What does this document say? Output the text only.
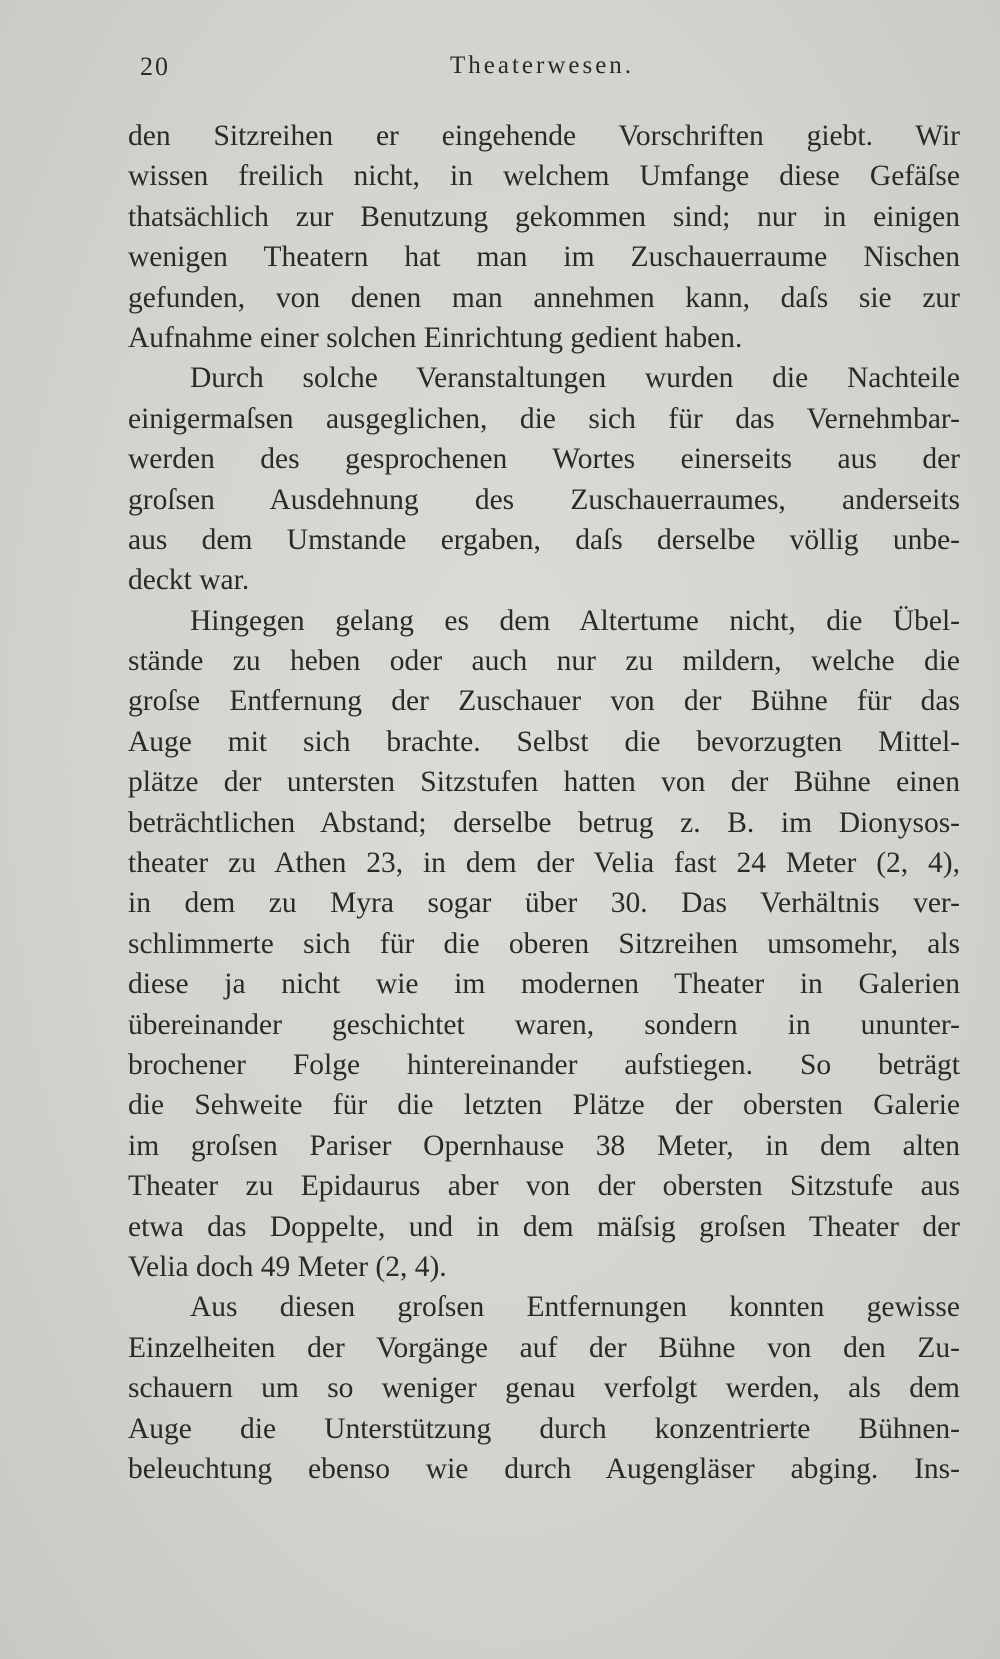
20	Theaterwesen.
den Sitzreihen er eingehende Vorschriften giebt. Wir
wissen freilich nicht, in welchem Umfange diese Gefäſse
thatsächlich zur Benutzung gekommen sind; nur in einigen
wenigen Theatern hat man im Zuschauerraume Nischen
gefunden, von denen man annehmen kann, daſs sie zur
Aufnahme einer solchen Einrichtung gedient haben.
Durch solche Veranstaltungen wurden die Nachteile
einigermaſsen ausgeglichen, die sich für das Vernehmbar-
werden des gesprochenen Wortes einerseits aus der
groſsen Ausdehnung des Zuschauerraumes, anderseits
aus dem Umstande ergaben, daſs derselbe völlig unbe-
deckt war.
Hingegen gelang es dem Altertume nicht, die Übel-
stände zu heben oder auch nur zu mildern, welche die
groſse Entfernung der Zuschauer von der Bühne für das
Auge mit sich brachte. Selbst die bevorzugten Mittel-
plätze der untersten Sitzstufen hatten von der Bühne einen
beträchtlichen Abstand; derselbe betrug z. B. im Dionysos-
theater zu Athen 23, in dem der Velia fast 24 Meter (2, 4),
in dem zu Myra sogar über 30. Das Verhältnis ver-
schlimmerte sich für die oberen Sitzreihen umsomehr, als
diese ja nicht wie im modernen Theater in Galerien
übereinander geschichtet waren, sondern in ununter-
brochener Folge hintereinander aufstiegen. So beträgt
die Sehweite für die letzten Plätze der obersten Galerie
im groſsen Pariser Opernhause 38 Meter, in dem alten
Theater zu Epidaurus aber von der obersten Sitzstufe aus
etwa das Doppelte, und in dem mäſsig groſsen Theater der
Velia doch 49 Meter (2, 4).
Aus diesen groſsen Entfernungen konnten gewisse
Einzelheiten der Vorgänge auf der Bühne von den Zu-
schauern um so weniger genau verfolgt werden, als dem
Auge die Unterstützung durch konzentrierte Bühnen-
beleuchtung ebenso wie durch Augengläser abging. Ins-
